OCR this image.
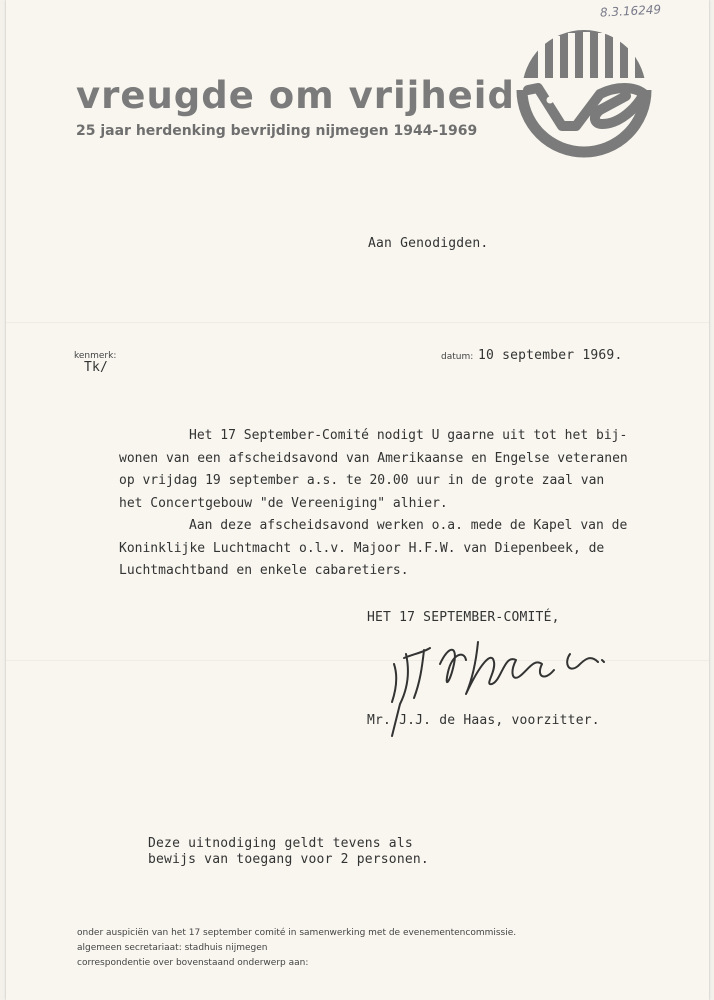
8.3.16249
vreugde om vrijheid
25 jaar herdenking bevrijding nijmegen 1944-1969
Aan Genodigden.
kenmerk:
Tk/
datum: 10 september 1969.

Het 17 September-Comité nodigt U gaarne uit tot het bij-

wonen van een afscheidsavond van Amerikaanse en Engelse veteranen

op vrijdag 19 september a.s. te 20.00 uur in de grote zaal van

het Concertgebouw "de Vereeniging" alhier.

Aan deze afscheidsavond werken o.a. mede de Kapel van de

Koninklijke Luchtmacht o.l.v. Majoor H.F.W. van Diepenbeek, de

Luchtmachtband en enkele cabaretiers.

HET 17 SEPTEMBER-COMITÉ,
Mr. J.J. de Haas, voorzitter.
Deze uitnodiging geldt tevens als
bewijs van toegang voor 2 personen.
onder auspiciën van het 17 september comité in samenwerking met de evenementencommissie.
algemeen secretariaat: stadhuis nijmegen
correspondentie over bovenstaand onderwerp aan:
